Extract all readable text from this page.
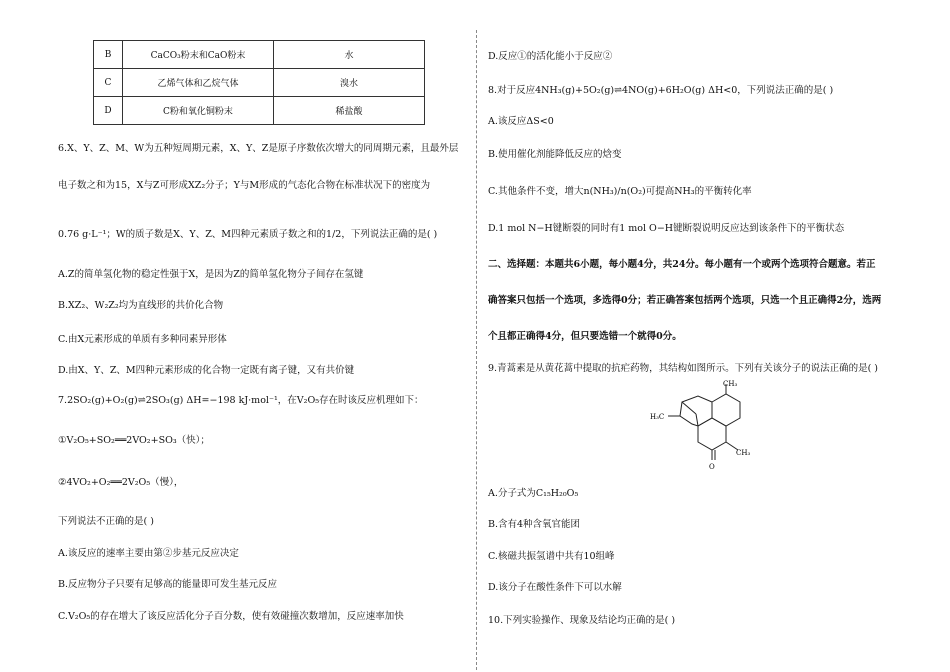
B	CaCO₃粉末和CaO粉末	水
C	乙烯气体和乙烷气体	溴水
D	C粉和氧化铜粉末	稀盐酸
6.X、Y、Z、M、W为五种短周期元素，X、Y、Z是原子序数依次增大的同周期元素，且最外层
电子数之和为15，X与Z可形成XZ₂分子；Y与M形成的气态化合物在标准状况下的密度为
0.76 g·L⁻¹；W的质子数是X、Y、Z、M四种元素质子数之和的1/2，下列说法正确的是( )
A.Z的简单氢化物的稳定性强于X，是因为Z的简单氢化物分子间存在氢键
B.XZ₂、W₂Z₂均为直线形的共价化合物
C.由X元素形成的单质有多种同素异形体
D.由X、Y、Z、M四种元素形成的化合物一定既有离子键，又有共价键
7.2SO₂(g)+O₂(g)⇌2SO₃(g) ΔH=−198 kJ·mol⁻¹，在V₂O₅存在时该反应机理如下：
①V₂O₅+SO₂══2VO₂+SO₃（快）；
②4VO₂+O₂══2V₂O₅（慢），
下列说法不正确的是( )
A.该反应的速率主要由第②步基元反应决定
B.反应物分子只要有足够高的能量即可发生基元反应
C.V₂O₅的存在增大了该反应活化分子百分数，使有效碰撞次数增加，反应速率加快
D.反应①的活化能小于反应②
8.对于反应4NH₃(g)+5O₂(g)⇌4NO(g)+6H₂O(g) ΔH<0，下列说法正确的是( )
A.该反应ΔS<0
B.使用催化剂能降低反应的焓变
C.其他条件不变，增大n(NH₃)/n(O₂)可提高NH₃的平衡转化率
D.1 mol N−H键断裂的同时有1 mol O−H键断裂说明反应达到该条件下的平衡状态
二、选择题：本题共6小题，每小题4分，共24分。每小题有一个或两个选项符合题意。若正
确答案只包括一个选项，多选得0分；若正确答案包括两个选项，只选一个且正确得2分，选两
个且都正确得4分，但只要选错一个就得0分。
9.青蒿素是从黄花蒿中提取的抗疟药物，其结构如图所示。下列有关该分子的说法正确的是( )
CH₃
H₃C
CH₃
O
A.分子式为C₁₅H₂₀O₅
B.含有4种含氧官能团
C.核磁共振氢谱中共有10组峰
D.该分子在酸性条件下可以水解
10.下列实验操作、现象及结论均正确的是( )
